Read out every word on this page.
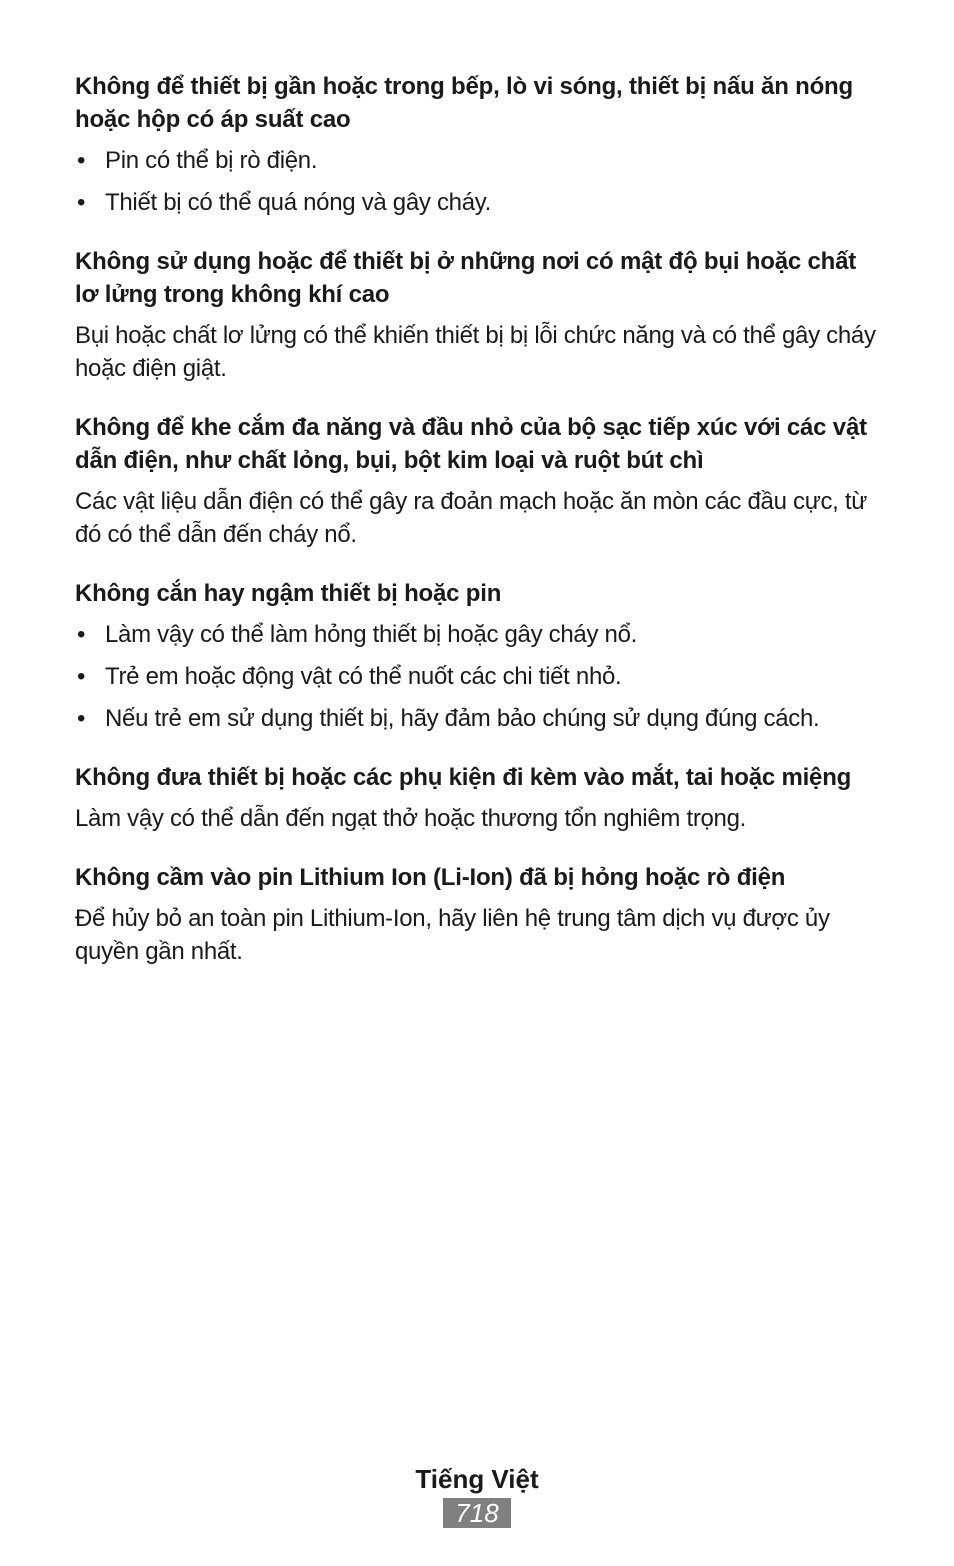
Không để thiết bị gần hoặc trong bếp, lò vi sóng, thiết bị nấu ăn nóng hoặc hộp có áp suất cao

• Pin có thể bị rò điện.
• Thiết bị có thể quá nóng và gây cháy.

Không sử dụng hoặc để thiết bị ở những nơi có mật độ bụi hoặc chất lơ lửng trong không khí cao

Bụi hoặc chất lơ lửng có thể khiến thiết bị bị lỗi chức năng và có thể gây cháy hoặc điện giật.

Không để khe cắm đa năng và đầu nhỏ của bộ sạc tiếp xúc với các vật dẫn điện, như chất lỏng, bụi, bột kim loại và ruột bút chì

Các vật liệu dẫn điện có thể gây ra đoản mạch hoặc ăn mòn các đầu cực, từ đó có thể dẫn đến cháy nổ.

Không cắn hay ngậm thiết bị hoặc pin

• Làm vậy có thể làm hỏng thiết bị hoặc gây cháy nổ.
• Trẻ em hoặc động vật có thể nuốt các chi tiết nhỏ.
• Nếu trẻ em sử dụng thiết bị, hãy đảm bảo chúng sử dụng đúng cách.

Không đưa thiết bị hoặc các phụ kiện đi kèm vào mắt, tai hoặc miệng

Làm vậy có thể dẫn đến ngạt thở hoặc thương tổn nghiêm trọng.

Không cầm vào pin Lithium Ion (Li-Ion) đã bị hỏng hoặc rò điện

Để hủy bỏ an toàn pin Lithium-Ion, hãy liên hệ trung tâm dịch vụ được ủy quyền gần nhất.

Tiếng Việt
718
